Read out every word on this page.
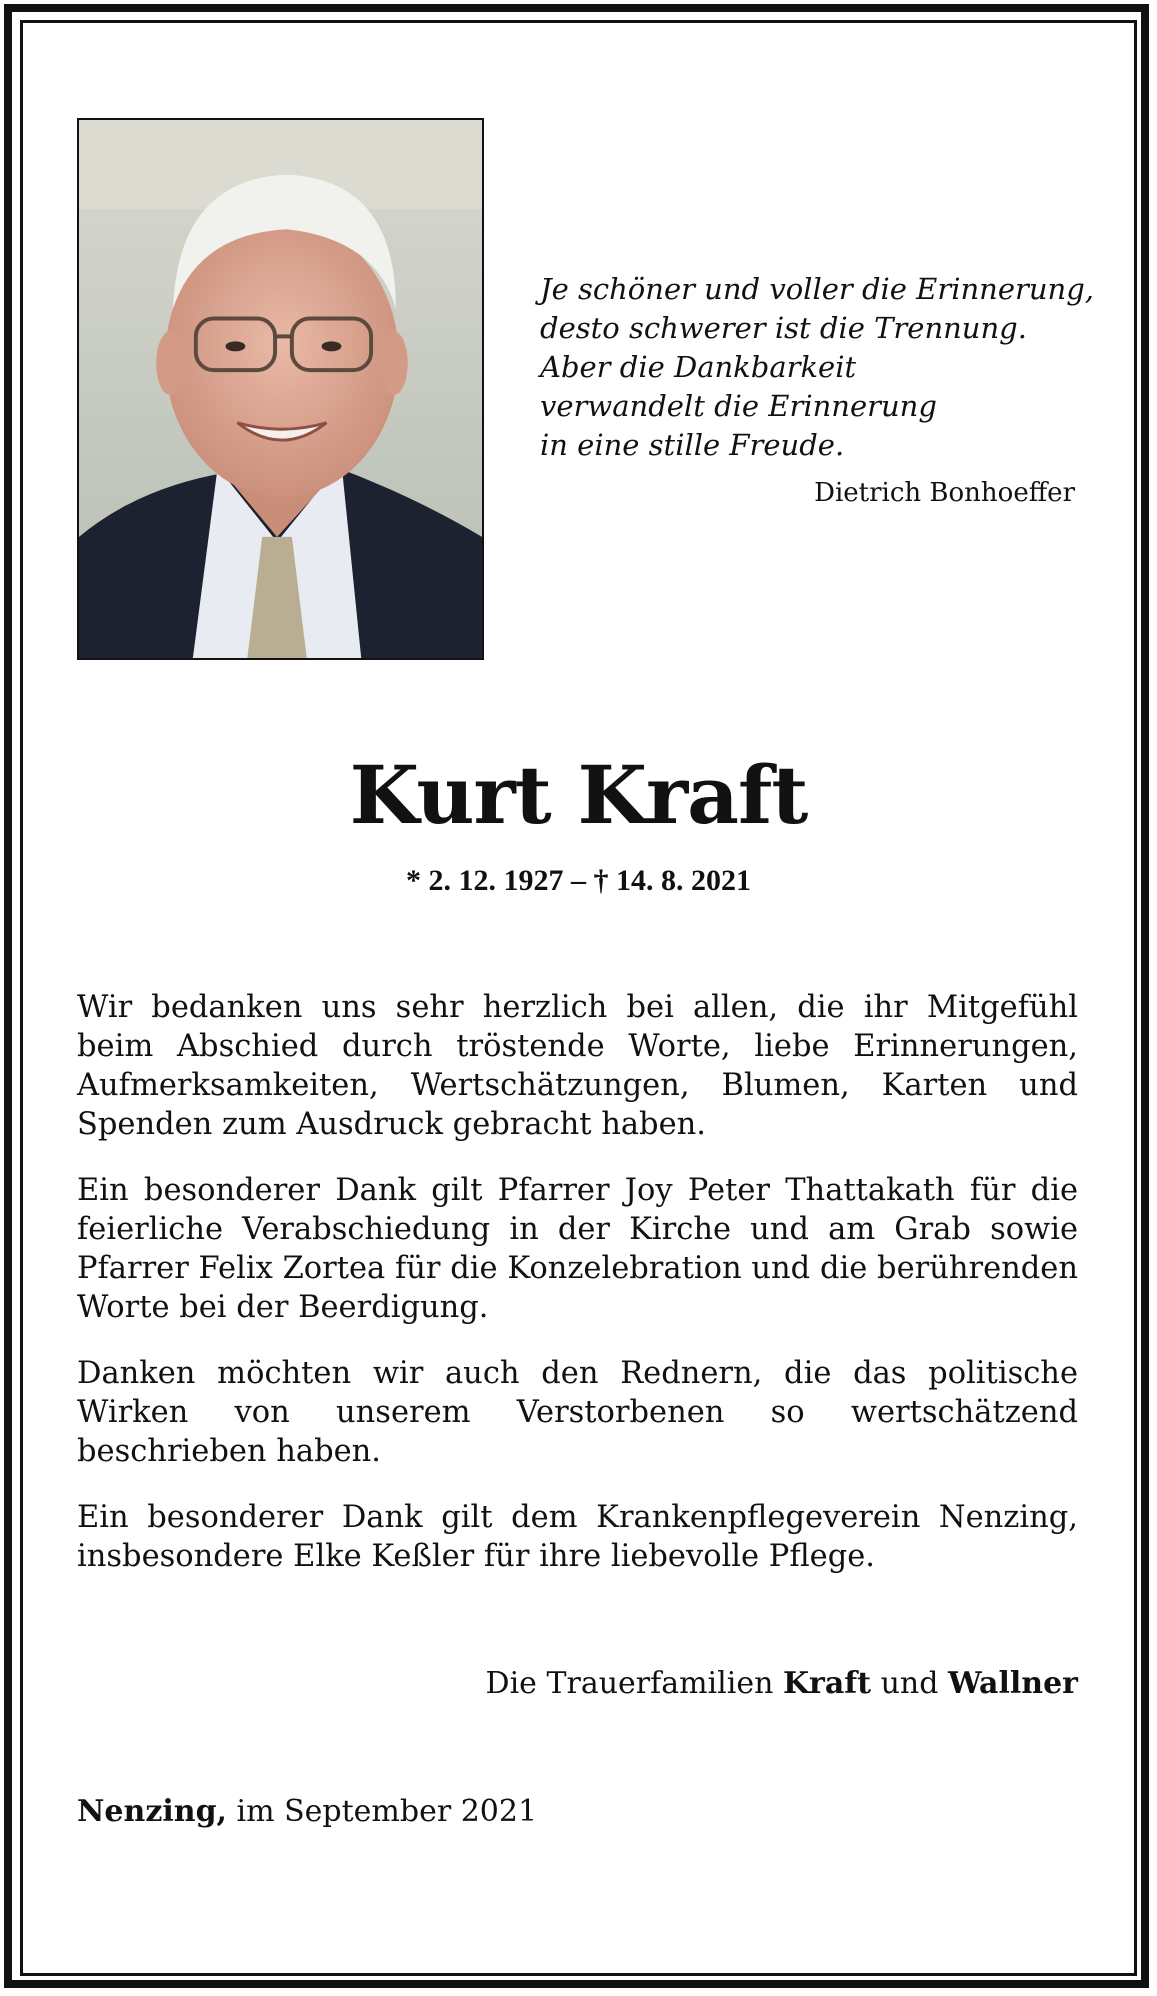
Je schöner und voller die Erinnerung,
desto schwerer ist die Trennung.
Aber die Dankbarkeit
verwandelt die Erinnerung
in eine stille Freude.
Dietrich Bonhoeffer
Kurt Kraft
* 2. 12. 1927 – † 14. 8. 2021

Wir bedanken uns sehr herzlich bei allen, die ihr Mitgefühl beim Abschied durch tröstende Worte, liebe Erinnerungen, Aufmerksamkeiten, Wertschätzungen, Blumen, Karten und Spenden zum Ausdruck gebracht haben.

Ein besonderer Dank gilt Pfarrer Joy Peter Thattakath für die feierliche Verabschiedung in der Kirche und am Grab sowie Pfarrer Felix Zortea für die Konzelebration und die berührenden Worte bei der Beerdigung.

Danken möchten wir auch den Rednern, die das politische Wirken von unserem Verstorbenen so wertschätzend beschrieben haben.

Ein besonderer Dank gilt dem Krankenpflegeverein Nenzing, insbesondere Elke Keßler für ihre liebevolle Pflege.

Die Trauerfamilien Kraft und Wallner
Nenzing, im September 2021
